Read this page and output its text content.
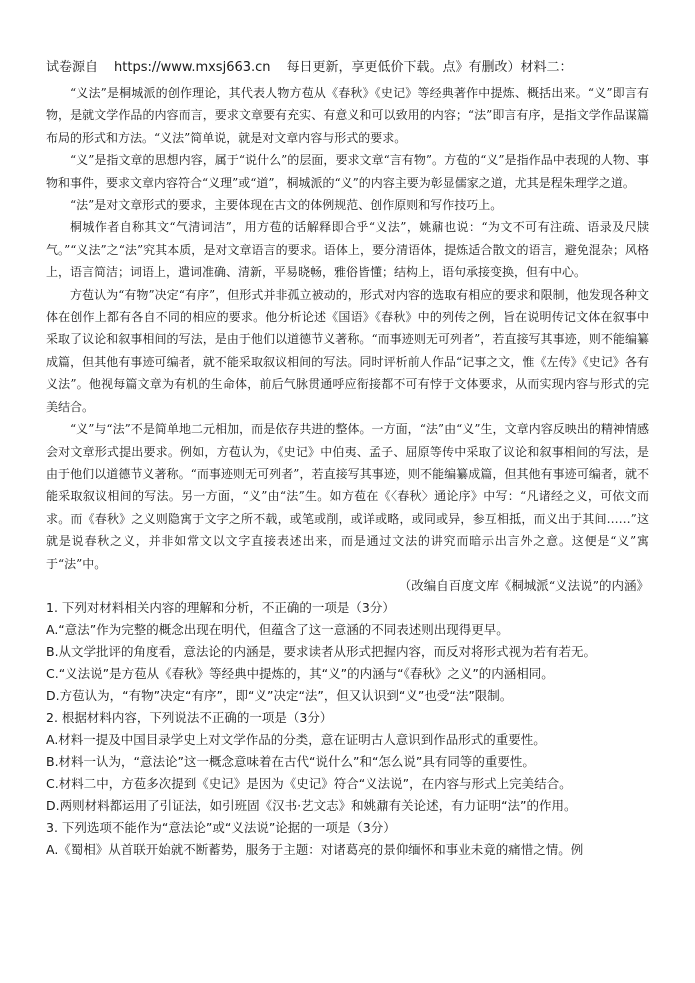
试卷源自 https://www.mxsj663.cn 每日更新，享更低价下载。点》有删改）材料二：

“义法”是桐城派的创作理论，其代表人物方苞从《春秋》《史记》等经典著作中提炼、概括出来。“义”即言有物，是就文学作品的内容而言，要求文章要有充实、有意义和可以致用的内容；“法”即言有序，是指文学作品谋篇布局的形式和方法。“义法”简单说，就是对文章内容与形式的要求。

“义”是指文章的思想内容，属于“说什么”的层面，要求文章“言有物”。方苞的“义”是指作品中表现的人物、事物和事件，要求文章内容符合“义理”或“道”，桐城派的“义”的内容主要为彰显儒家之道，尤其是程朱理学之道。

“法”是对文章形式的要求，主要体现在古文的体例规范、创作原则和写作技巧上。

桐城作者自称其文“气清词洁”，用方苞的话解释即合乎“义法”，姚鼐也说：“为文不可有注疏、语录及尺牍气。”“义法”之“法”究其本质，是对文章语言的要求。语体上，要分清语体，提炼适合散文的语言，避免混杂；风格上，语言简洁；词语上，遣词准确、清新，平易晓畅，雅俗皆懂；结构上，语句承接变换，但有中心。

方苞认为“有物”决定“有序”，但形式并非孤立被动的，形式对内容的选取有相应的要求和限制，他发现各种文体在创作上都有各自不同的相应的要求。他分析论述《国语》《春秋》中的列传之例，旨在说明传记文体在叙事中采取了议论和叙事相间的写法，是由于他们以道德节义著称。“而事迹则无可列者”，若直接写其事迹，则不能编纂成篇，但其他有事迹可编者，就不能采取叙议相间的写法。同时评析前人作品“记事之文，惟《左传》《史记》各有义法”。他视每篇文章为有机的生命体，前后气脉贯通呼应衔接都不可有悖于文体要求，从而实现内容与形式的完美结合。

“义”与“法”不是简单地二元相加，而是依存共进的整体。一方面，“法”由“义”生，文章内容反映出的精神情感会对文章形式提出要求。例如，方苞认为，《史记》中伯夷、孟子、屈原等传中采取了议论和叙事相间的写法，是由于他们以道德节义著称。“而事迹则无可列者”，若直接写其事迹，则不能编纂成篇，但其他有事迹可编者，就不能采取叙议相间的写法。另一方面，“义”由“法”生。如方苞在《〈春秋〉通论序》中写：“凡诸经之义，可依文而求。而《春秋》之义则隐寓于文字之所不载，或笔或削，或详或略，或同或异，参互相抵，而义出于其间……”这就是说春秋之义，并非如常文以文字直接表述出来，而是通过文法的讲究而暗示出言外之意。这便是“义”寓于“法”中。

（改编自百度文库《桐城派“义法说”的内涵》

1. 下列对材料相关内容的理解和分析，不正确的一项是（3分）

A.“意法”作为完整的概念出现在明代，但蕴含了这一意涵的不同表述则出现得更早。

B.从文学批评的角度看，意法论的内涵是，要求读者从形式把握内容，而反对将形式视为若有若无。

C.“义法说”是方苞从《春秋》等经典中提炼的，其“义”的内涵与“《春秋》之义”的内涵相同。

D.方苞认为，“有物”决定“有序”，即“义”决定“法”，但又认识到“义”也受“法”限制。

2. 根据材料内容，下列说法不正确的一项是（3分）

A.材料一提及中国目录学史上对文学作品的分类，意在证明古人意识到作品形式的重要性。

B.材料一认为，“意法论”这一概念意味着在古代“说什么”和“怎么说”具有同等的重要性。

C.材料二中，方苞多次提到《史记》是因为《史记》符合“义法说”，在内容与形式上完美结合。

D.两则材料都运用了引证法，如引班固《汉书·艺文志》和姚鼐有关论述，有力证明“法”的作用。

3. 下列选项不能作为“意法论”或“义法说”论据的一项是（3分）

A.《蜀相》从首联开始就不断蓄势，服务于主题：对诸葛亮的景仰缅怀和事业未竟的痛惜之情。例
